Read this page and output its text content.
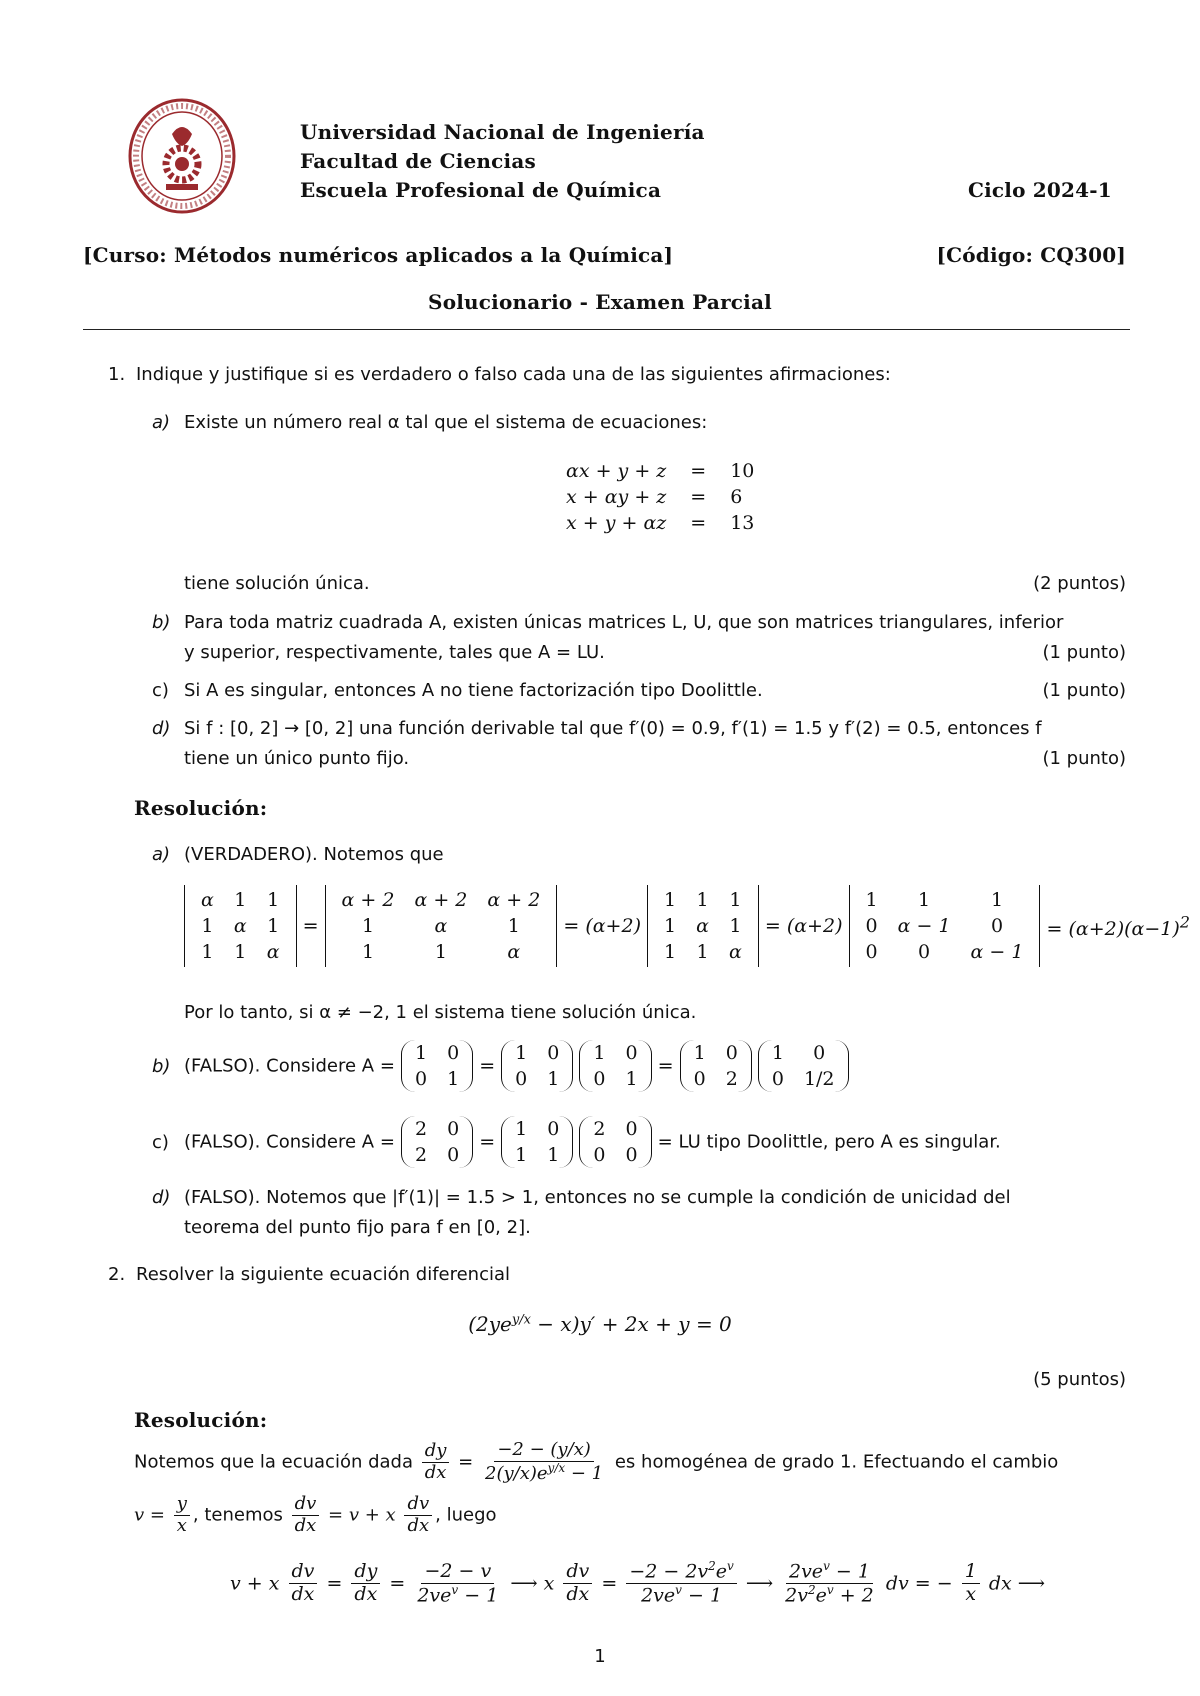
Universidad Nacional de Ingeniería
Facultad de Ciencias
Escuela Profesional de Química	Ciclo 2024-1
[Curso: Métodos numéricos aplicados a la Química]	[Código: CQ300]
Solucionario - Examen Parcial
1. Indique y justifique si es verdadero o falso cada una de las siguientes afirmaciones:
a) Existe un número real α tal que el sistema de ecuaciones:
αx + y + z	=	10
x + αy + z	=	6
x + y + αz	=	13
tiene solución única.	(2 puntos)
b) Para toda matriz cuadrada A, existen únicas matrices L, U, que son matrices triangulares, inferior
y superior, respectivamente, tales que A = LU.	(1 punto)
c) Si A es singular, entonces A no tiene factorización tipo Doolittle.	(1 punto)
d) Si f : [0, 2] → [0, 2] una función derivable tal que f′(0) = 0.9, f′(1) = 1.5 y f′(2) = 0.5, entonces f
tiene un único punto fijo.	(1 punto)
Resolución:
a) (VERDADERO). Notemos que
α	1	1
1	α	1
1	1	α
=
α + 2	α + 2	α + 2
1	α	1
1	1	α
= (α+2)
1	1	1
1	α	1
1	1	α
= (α+2)
1	1	1
0	α − 1	0
0	0	α − 1
= $(\alpha+2)(\alpha-1)^2$
Por lo tanto, si α ≠ −2, 1 el sistema tiene solución única.
b) (FALSO). Considere A =
1	0
0	1
=
1	0
0	1

1	0
0	1
=
1	0
0	2

1	0
0	1/2
c) (FALSO). Considere A =
2	0
2	0
=
1	0
1	1

2	0
0	0
= LU tipo Doolittle, pero A es singular.
d) (FALSO). Notemos que |f′(1)| = 1.5 > 1, entonces no se cumple la condición de unicidad del
teorema del punto fijo para f en [0, 2].
2. Resolver la siguiente ecuación diferencial
$(2ye^{y/x} - x)y' + 2x + y = 0$
(5 puntos)
Resolución:
Notemos que la ecuación dada $\frac{dy}{dx} = \frac{-2 - (y/x)}{2(y/x)e^{y/x} - 1}$ es homogénea de grado 1. Efectuando el cambio
$v = \frac{y}{x}$ , tenemos $\frac{dv}{dx} = v + x \frac{dv}{dx}$ , luego
v + x $\frac{dv}{dx} = \frac{dy}{dx} = \frac{-2 - v}{2ve^v - 1}$ ⟶ x $\frac{dv}{dx} = \frac{-2 - 2v^2e^v}{2ve^v - 1}$ ⟶ $\frac{2ve^v - 1}{2v^2e^v + 2}$ dv = − $\frac{1}{x}$ dx ⟶
1
